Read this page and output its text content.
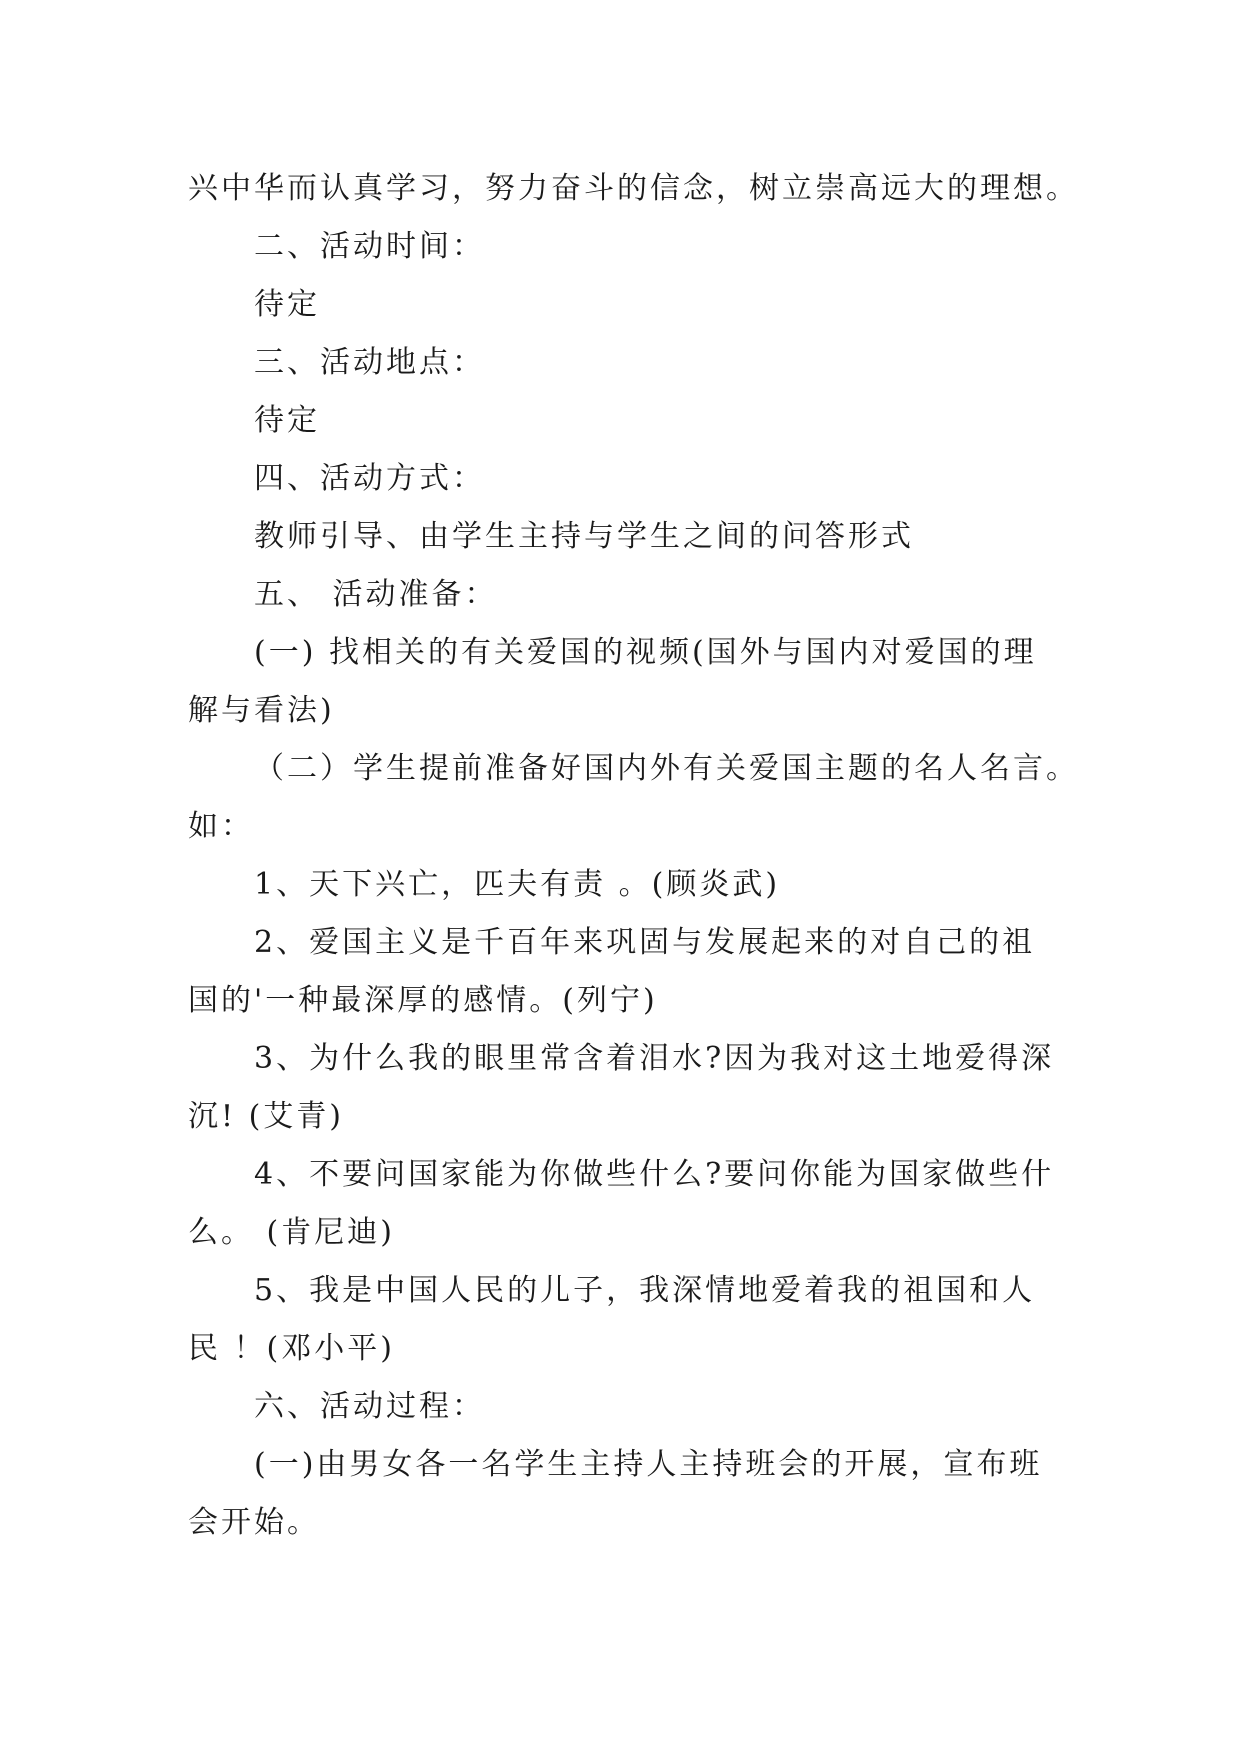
兴中华而认真学习，努力奋斗的信念，树立崇高远大的理想。
二、活动时间：
待定
三、活动地点：
待定
四、活动方式：
教师引导、由学生主持与学生之间的问答形式
五、 活动准备：
(一) 找相关的有关爱国的视频(国外与国内对爱国的理
解与看法)
（二）学生提前准备好国内外有关爱国主题的名人名言。
如：
1、天下兴亡，匹夫有责 。(顾炎武)
2、爱国主义是千百年来巩固与发展起来的对自己的祖
国的'一种最深厚的感情。(列宁)
3、为什么我的眼里常含着泪水?因为我对这土地爱得深
沉! (艾青)
4、不要问国家能为你做些什么?要问你能为国家做些什
么。 (肯尼迪)
5、我是中国人民的儿子，我深情地爱着我的祖国和人
民 ！(邓小平)
六、活动过程：
(一)由男女各一名学生主持人主持班会的开展，宣布班
会开始。
